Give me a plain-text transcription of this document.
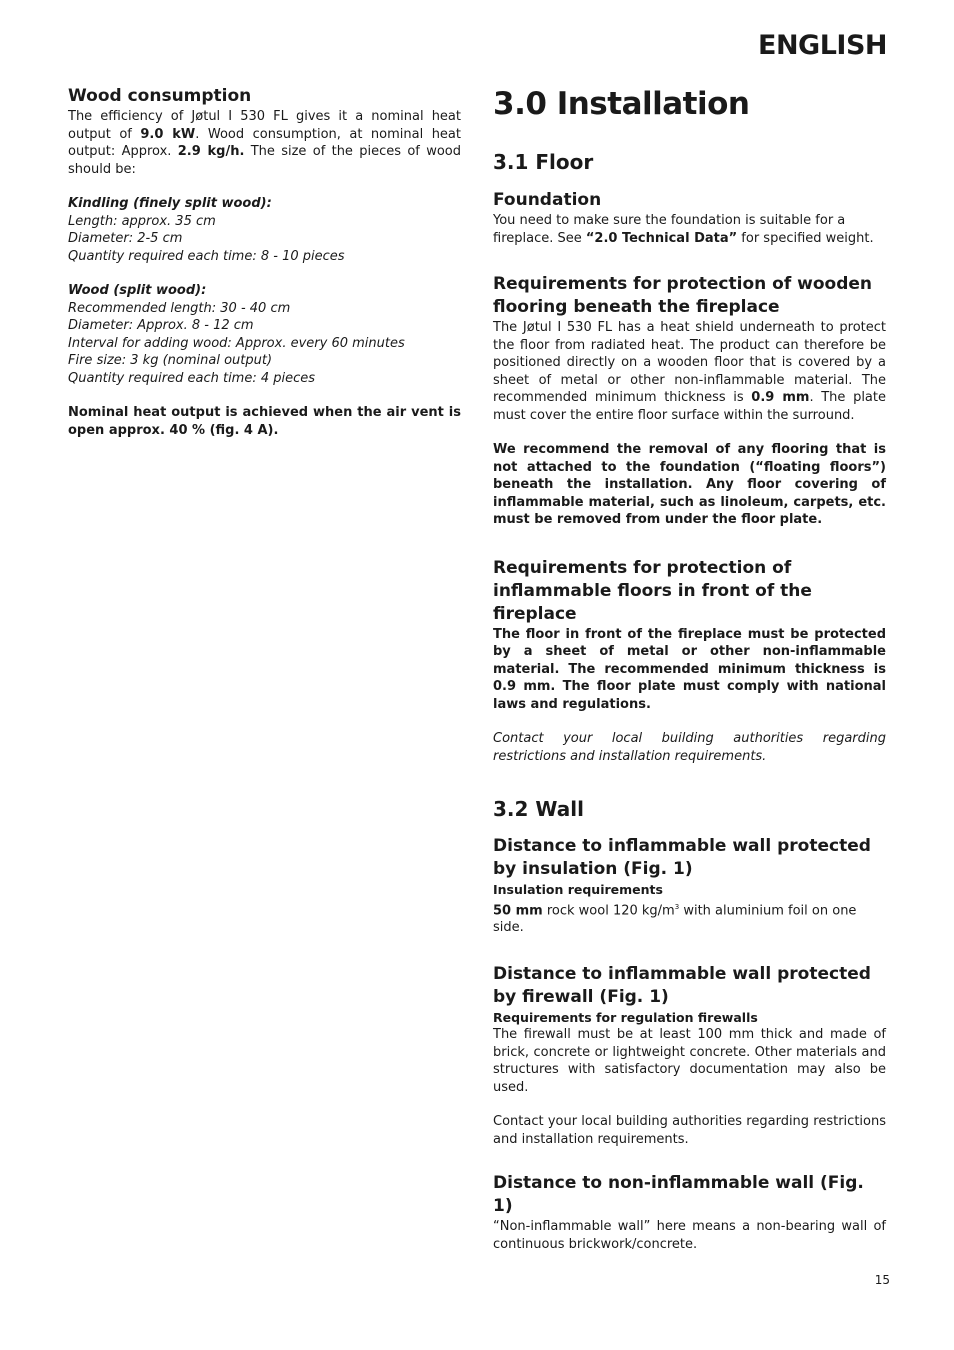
ENGLISH
Wood consumption

The efficiency of Jøtul I 530 FL gives it a nominal heat output of 9.0 kW. Wood consumption, at nominal heat output: Approx. 2.9 kg/h. The size of the pieces of wood should be:

Kindling (finely split wood):

Length: approx. 35 cm

Diameter: 2-5 cm

Quantity required each time: 8 - 10 pieces

Wood (split wood):

Recommended length: 30 - 40 cm

Diameter: Approx. 8 - 12 cm

Interval for adding wood: Approx. every 60 minutes

Fire size: 3 kg (nominal output)

Quantity required each time: 4 pieces

Nominal heat output is achieved when the air vent is open approx. 40 % (fig. 4 A).

3.0 Installation
3.1 Floor
Foundation

You need to make sure the foundation is suitable for a fireplace. See “2.0 Technical Data” for specified weight.

Requirements for protection of wooden flooring beneath the fireplace

The Jøtul I 530 FL has a heat shield underneath to protect the floor from radiated heat. The product can therefore be positioned directly on a wooden floor that is covered by a sheet of metal or other non-inflammable material. The recommended minimum thickness is 0.9 mm. The plate must cover the entire floor surface within the surround.

We recommend the removal of any flooring that is not attached to the foundation (“floating floors”) beneath the installation. Any floor covering of inflammable material, such as linoleum, carpets, etc. must be removed from under the floor plate.

Requirements for protection of inflammable floors in front of the fireplace

The floor in front of the fireplace must be protected by a sheet of metal or other non-inflammable material. The recommended minimum thickness is 0.9 mm. The floor plate must comply with national laws and regulations.

Contact your local building authorities regarding restrictions and installation requirements.

3.2 Wall
Distance to inflammable wall protected by insulation (Fig. 1)

Insulation requirements

50 mm rock wool 120 $kg/m^3$ with aluminium foil on one side.

Distance to inflammable wall protected by firewall (Fig. 1)

Requirements for regulation firewalls

The firewall must be at least 100 mm thick and made of brick, concrete or lightweight concrete. Other materials and structures with satisfactory documentation may also be used.

Contact your local building authorities regarding restrictions and installation requirements.

Distance to non-inflammable wall (Fig. 1)

“Non-inflammable wall” here means a non-bearing wall of continuous brickwork/concrete.

15
